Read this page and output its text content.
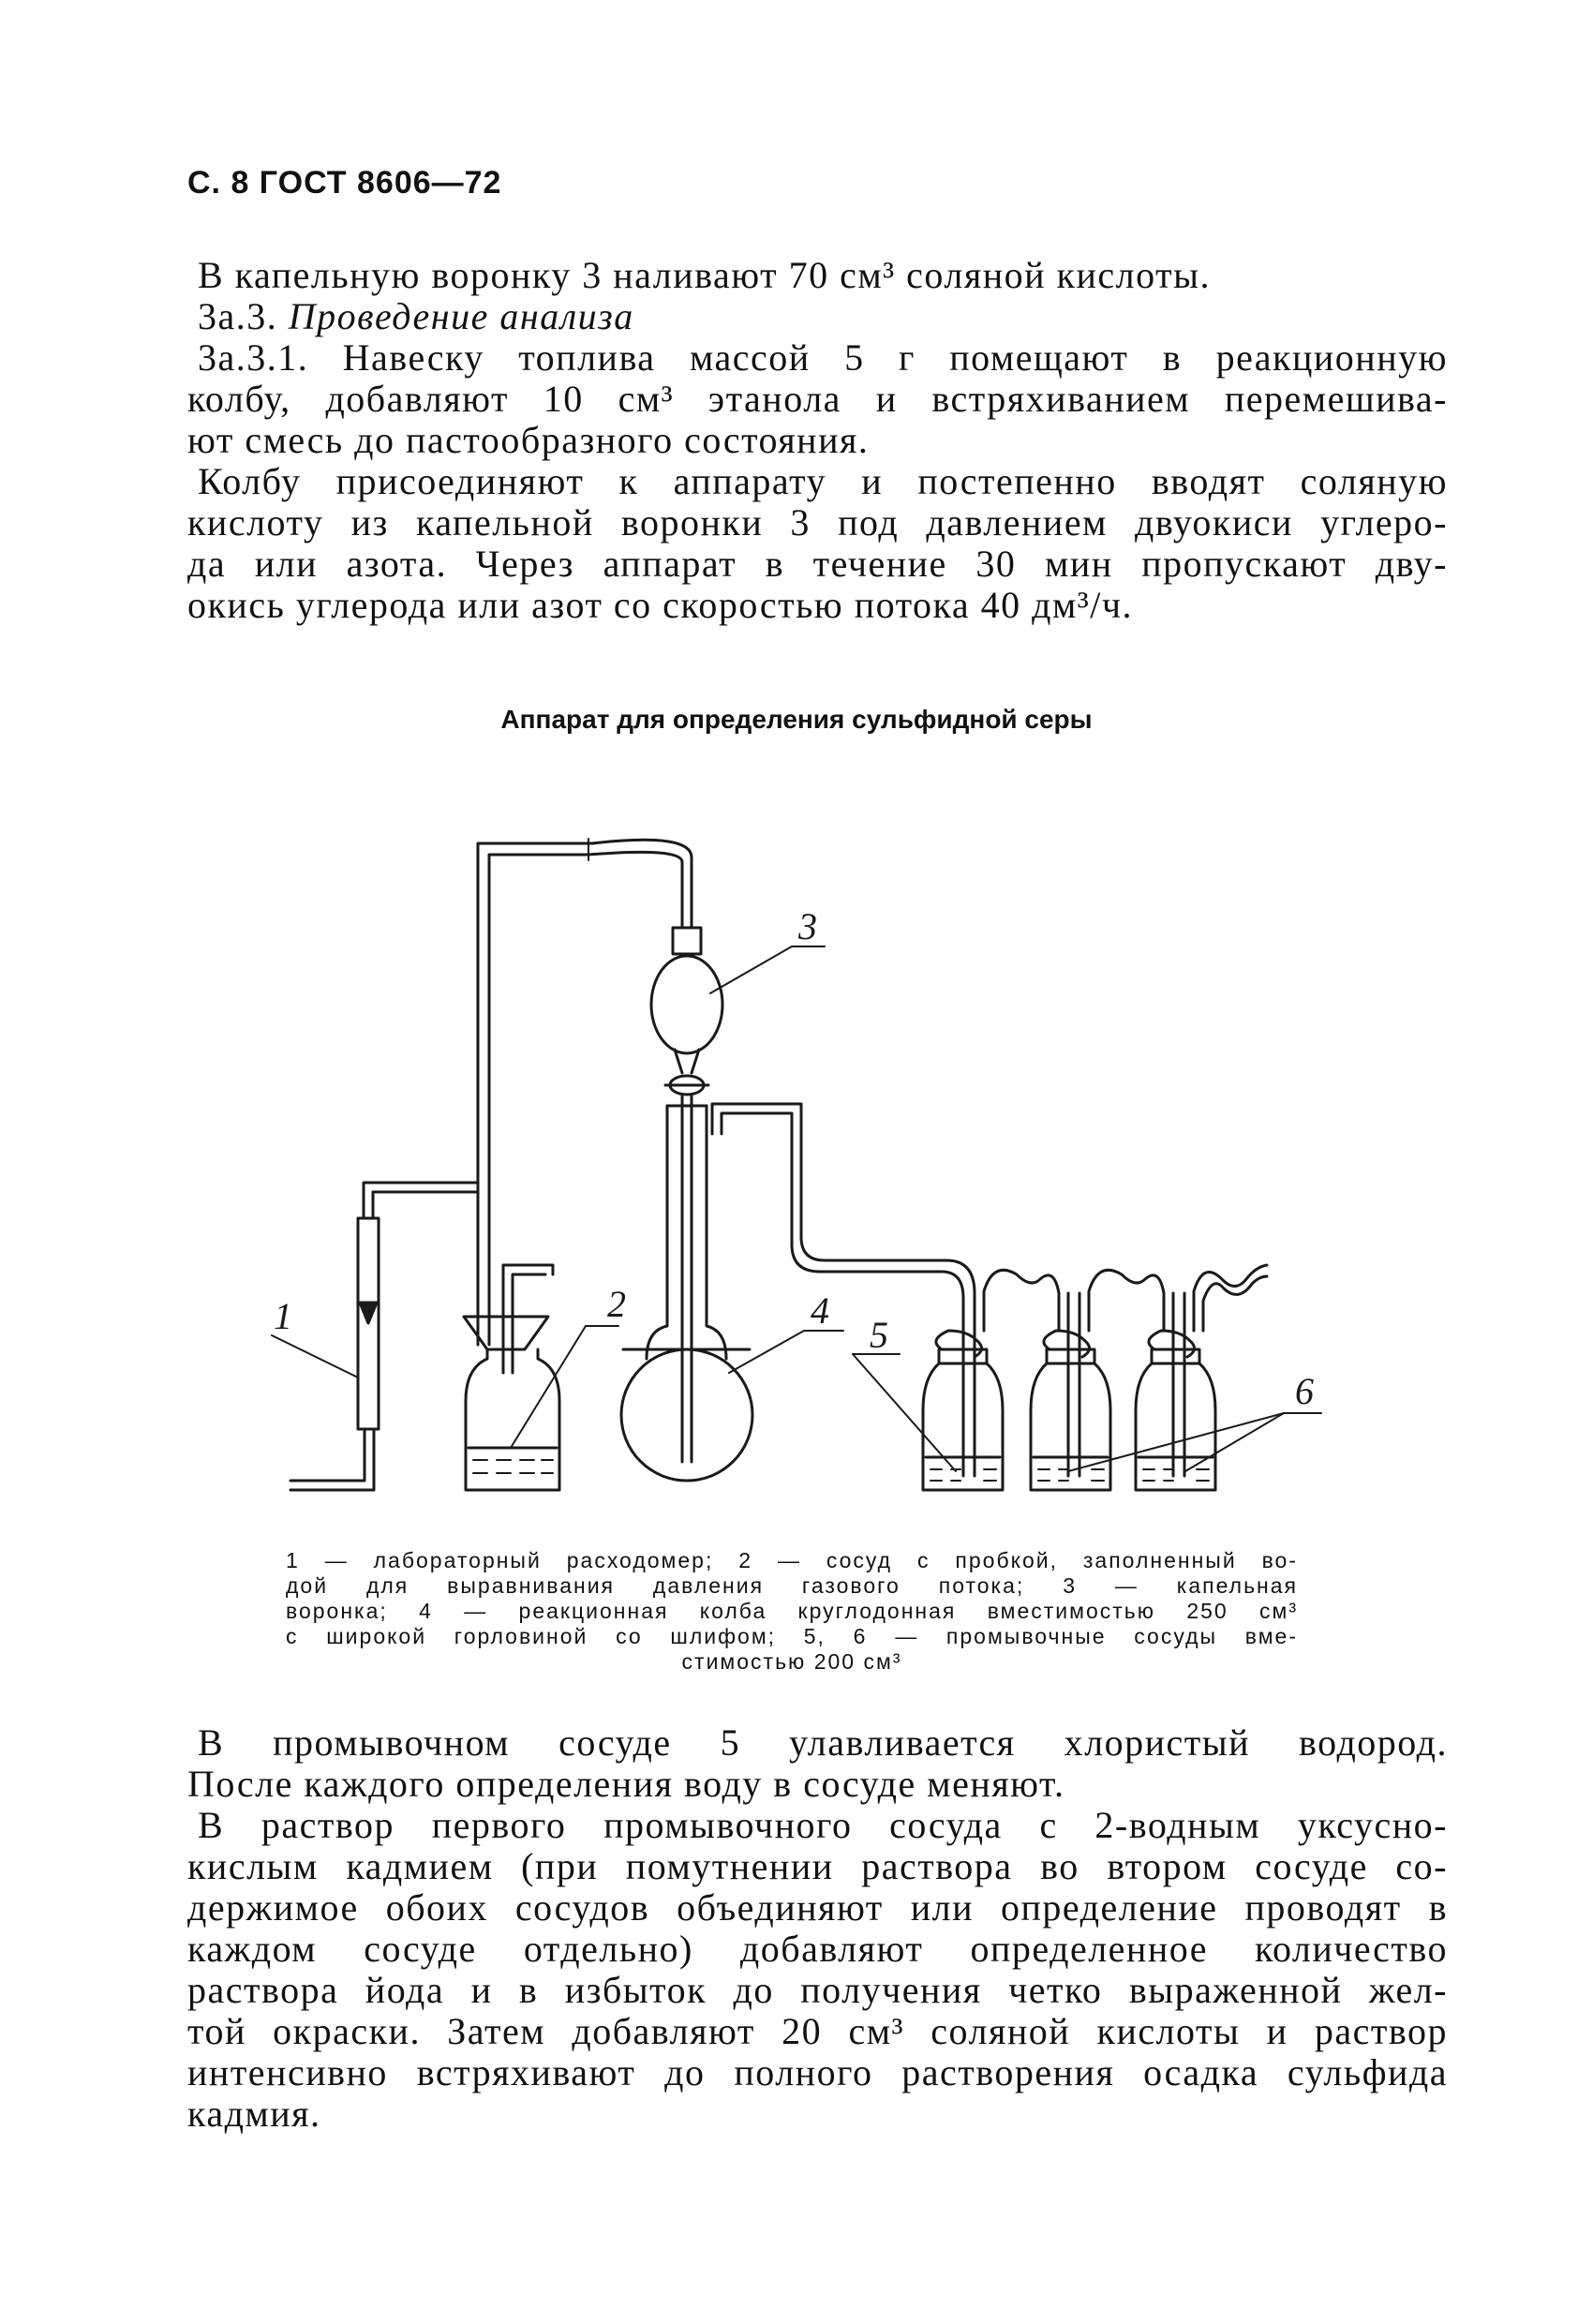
С. 8 ГОСТ 8606—72
В капельную воронку 3 наливают 70 см³ соляной кислоты.
3а.3. Проведение анализа
3а.3.1. Навеску топлива массой 5 г помещают в реакционную
колбу, добавляют 10 см³ этанола и встряхиванием перемешива-
ют смесь до пастообразного состояния.
Колбу присоединяют к аппарату и постепенно вводят соляную
кислоту из капельной воронки 3 под давлением двуокиси углеро-
да или азота. Через аппарат в течение 30 мин пропускают дву-
окись углерода или азот со скоростью потока 40 дм³/ч.
Аппарат для определения сульфидной серы
1	2
3
4
5
6
1 — лабораторный расходомер; 2 — сосуд с пробкой, заполненный во-
дой для выравнивания давления газового потока; 3 — капельная
воронка; 4 — реакционная колба круглодонная вместимостью 250 см³
с широкой горловиной со шлифом; 5, 6 — промывочные сосуды вме-
стимостью 200 см³
В промывочном сосуде 5 улавливается хлористый водород.
После каждого определения воду в сосуде меняют.
В раствор первого промывочного сосуда с 2-водным уксусно-
кислым кадмием (при помутнении раствора во втором сосуде со-
держимое обоих сосудов объединяют или определение проводят в
каждом сосуде отдельно) добавляют определенное количество
раствора йода и в избыток до получения четко выраженной жел-
той окраски. Затем добавляют 20 см³ соляной кислоты и раствор
интенсивно встряхивают до полного растворения осадка сульфида
кадмия.
